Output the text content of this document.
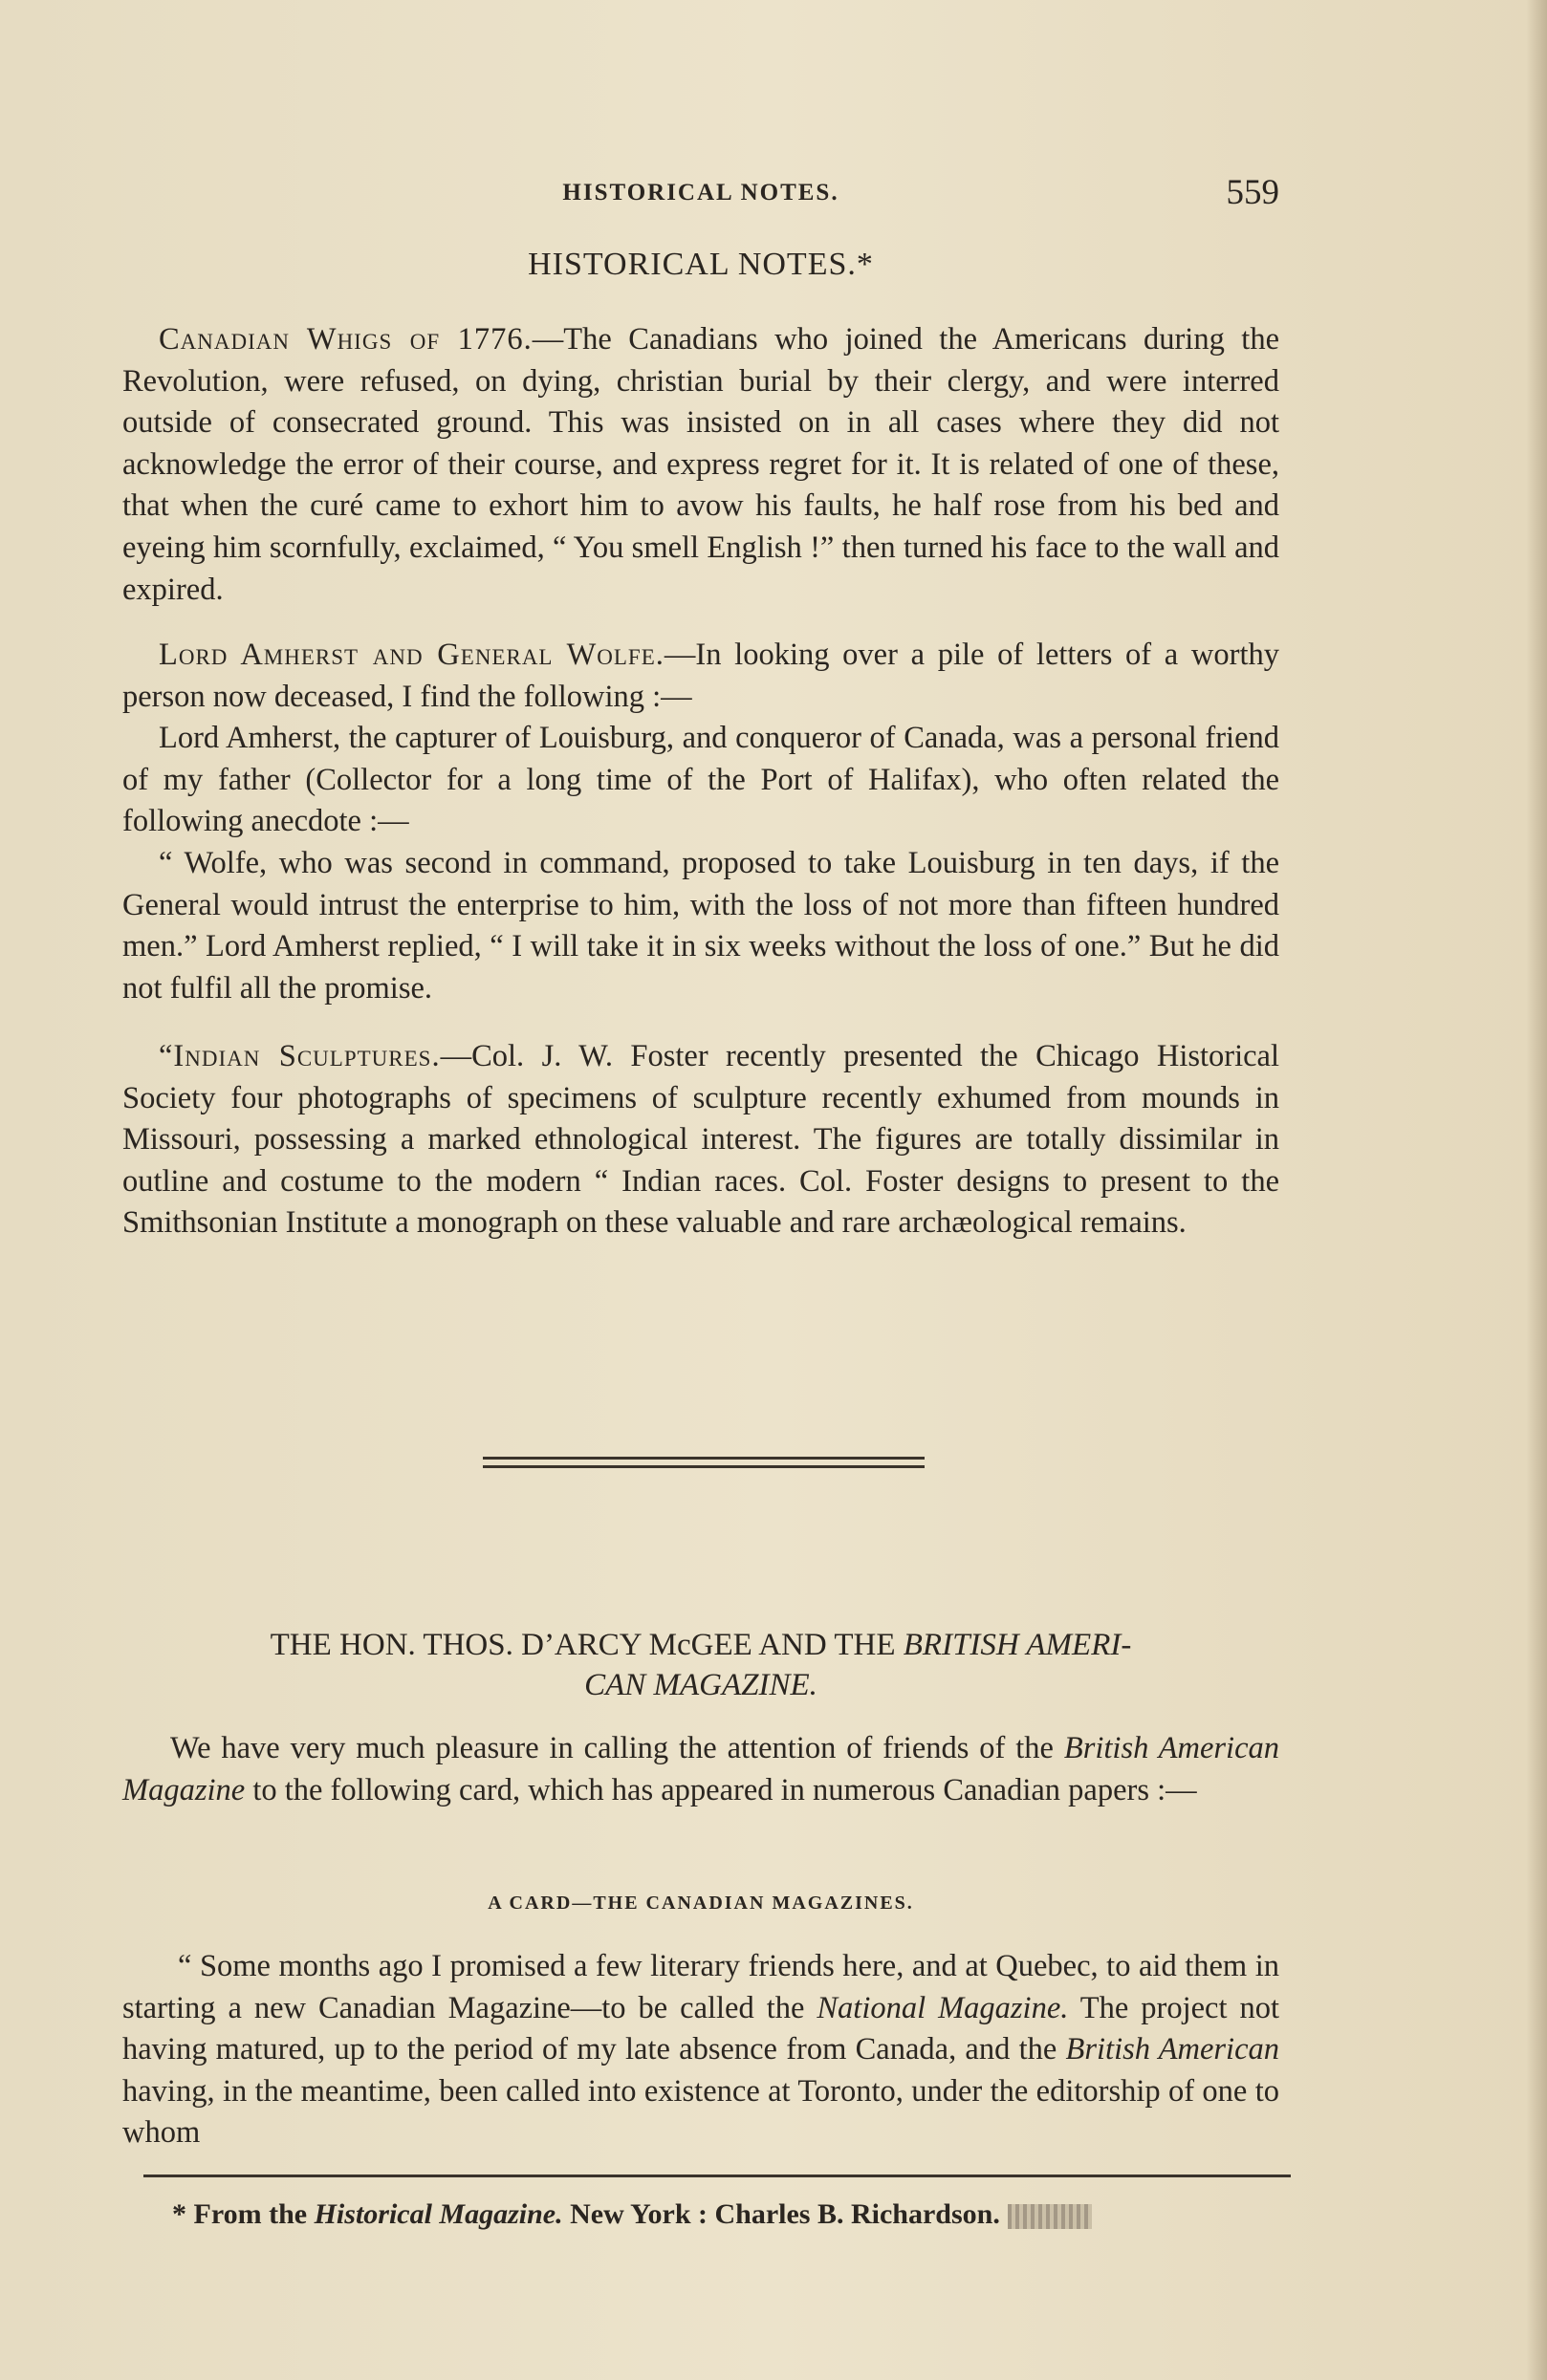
HISTORICAL NOTES.	559
HISTORICAL NOTES.*

Canadian Whigs of 1776.—The Canadians who joined the Americans during the Revolution, were refused, on dying, christian burial by their clergy, and were interred outside of consecrated ground. This was insisted on in all cases where they did not acknowledge the error of their course, and express regret for it. It is related of one of these, that when the curé came to exhort him to avow his faults, he half rose from his bed and eyeing him scornfully, exclaimed, “ You smell English !” then turned his face to the wall and expired.

Lord Amherst and General Wolfe.—In looking over a pile of letters of a worthy person now deceased, I find the following :—

Lord Amherst, the capturer of Louisburg, and conqueror of Canada, was a personal friend of my father (Collector for a long time of the Port of Halifax), who often related the following anecdote :—

“ Wolfe, who was second in command, proposed to take Louisburg in ten days, if the General would intrust the enterprise to him, with the loss of not more than fifteen hundred men.” Lord Amherst replied, “ I will take it in six weeks without the loss of one.” But he did not fulfil all the promise.

“Indian Sculptures.—Col. J. W. Foster recently presented the Chicago Historical Society four photographs of specimens of sculpture recently exhumed from mounds in Missouri, possessing a marked ethnological interest. The figures are totally dissimilar in outline and costume to the modern “ Indian races. Col. Foster designs to present to the Smithsonian Institute a monograph on these valuable and rare archæological remains.

THE HON. THOS. D’ARCY McGEE AND THE BRITISH AMERI-
CAN MAGAZINE.

We have very much pleasure in calling the attention of friends of the British American Magazine to the following card, which has appeared in numerous Canadian papers :—

A CARD—THE CANADIAN MAGAZINES.

“ Some months ago I promised a few literary friends here, and at Quebec, to aid them in starting a new Canadian Magazine—to be called the National Magazine. The project not having matured, up to the period of my late absence from Canada, and the British American having, in the meantime, been called into existence at Toronto, under the editorship of one to whom

* From the Historical Magazine. New York : Charles B. Richardson.
